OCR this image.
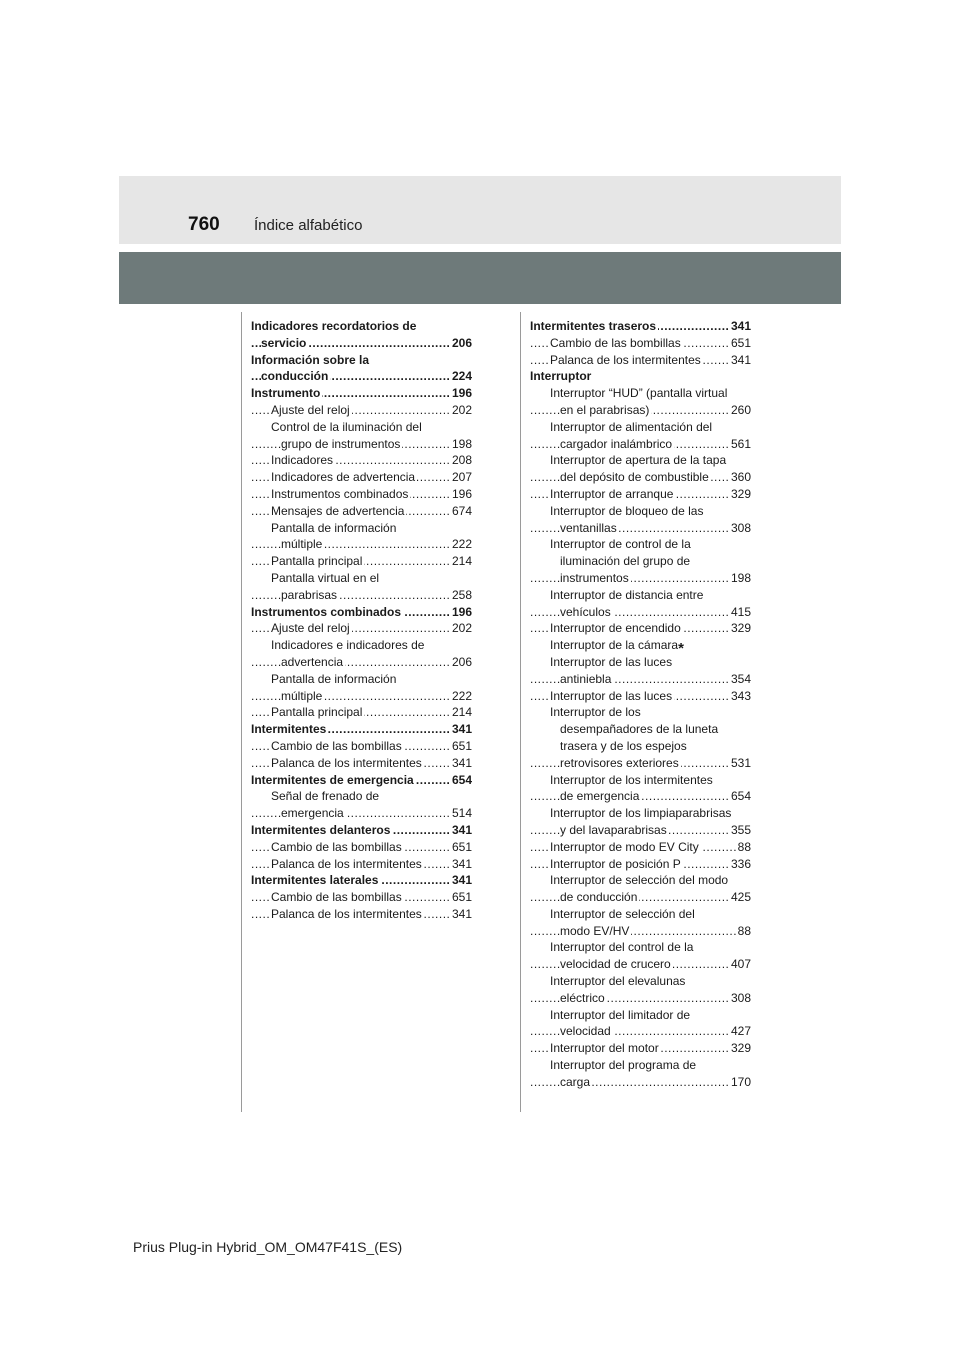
760 Índice alfabético
Indicadores recordatorios de
servicio	206
.....
Información sobre la
conducción	224
.....
Instrumento	196
.....
Ajuste del reloj	202
.....
Control de la iluminación del
grupo de instrumentos	198
.....
Indicadores	208
.....
Indicadores de advertencia	207
.....
Instrumentos combinados	196
.....
Mensajes de advertencia	674
.....
Pantalla de información
múltiple	222
.....
Pantalla principal	214
.....
Pantalla virtual en el
parabrisas	258
.....
Instrumentos combinados	196
.....
Ajuste del reloj	202
.....
Indicadores e indicadores de
advertencia	206
.....
Pantalla de información
múltiple	222
.....
Pantalla principal	214
.....
Intermitentes	341
.....
Cambio de las bombillas	651
.....
Palanca de los intermitentes	341
.....
Intermitentes de emergencia	654
.....
Señal de frenado de
emergencia	514
.....
Intermitentes delanteros	341
.....
Cambio de las bombillas	651
.....
Palanca de los intermitentes	341
.....
Intermitentes laterales	341
.....
Cambio de las bombillas	651
.....
Palanca de los intermitentes	341
.....
Intermitentes traseros	341
.....
Cambio de las bombillas	651
.....
Palanca de los intermitentes	341
.....
Interruptor
Interruptor “HUD” (pantalla virtual
en el parabrisas)	260
.....
Interruptor de alimentación del
cargador inalámbrico	561
.....
Interruptor de apertura de la tapa
del depósito de combustible 360
.....
Interruptor de arranque	329
.....
Interruptor de bloqueo de las
ventanillas	308
.....
Interruptor de control de la
iluminación del grupo de
instrumentos	198
.....
Interruptor de distancia entre
vehículos	415
.....
Interruptor de encendido	329
.....
Interruptor de la cámara*
Interruptor de las luces
antiniebla	354
.....
Interruptor de las luces	343
.....
Interruptor de los
desempañadores de la luneta
trasera y de los espejos
retrovisores exteriores	531
.....
Interruptor de los intermitentes
de emergencia	654
.....
Interruptor de los limpiaparabrisas
y del lavaparabrisas	355
.....
Interruptor de modo EV City	88
.....
Interruptor de posición P	336
.....
Interruptor de selección del modo
de conducción	425
.....
Interruptor de selección del
modo EV/HV	88
.....
Interruptor del control de la
velocidad de crucero	407
.....
Interruptor del elevalunas
eléctrico	308
.....
Interruptor del limitador de
velocidad	427
.....
Interruptor del motor	329
.....
Interruptor del programa de
carga	170
.....
Prius Plug-in Hybrid_OM_OM47F41S_(ES)
